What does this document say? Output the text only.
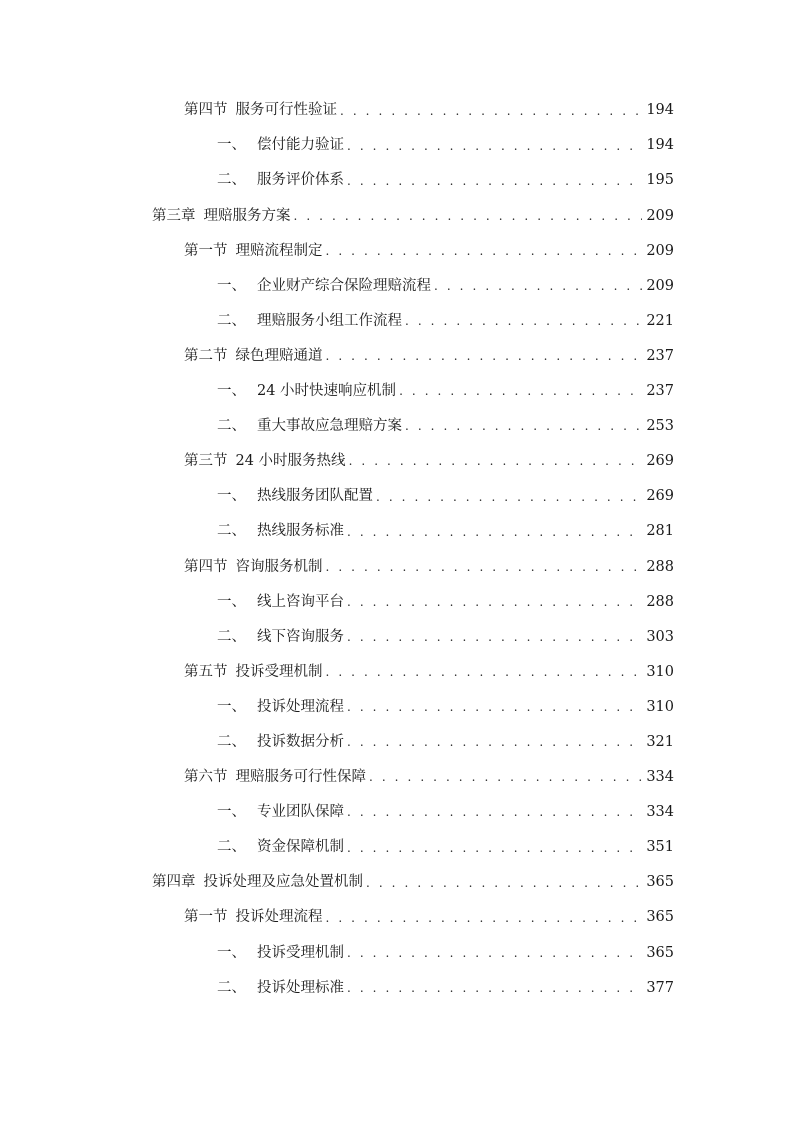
第四节 服务可行性验证 . . .	194
一、 偿付能力验证 . . .	194
二、 服务评价体系 . . .	195
第三章 理赔服务方案 . . .	209
第一节 理赔流程制定 . . .	209
一、 企业财产综合保险理赔流程 . . .	209
二、 理赔服务小组工作流程 . . .	221
第二节 绿色理赔通道 . . .	237
一、 24 小时快速响应机制 . . .	237
二、 重大事故应急理赔方案 . . .	253
第三节 24 小时服务热线 . . .	269
一、 热线服务团队配置 . . .	269
二、 热线服务标准 . . .	281
第四节 咨询服务机制 . . .	288
一、 线上咨询平台 . . .	288
二、 线下咨询服务 . . .	303
第五节 投诉受理机制 . . .	310
一、 投诉处理流程 . . .	310
二、 投诉数据分析 . . .	321
第六节 理赔服务可行性保障 . . .	334
一、 专业团队保障 . . .	334
二、 资金保障机制 . . .	351
第四章 投诉处理及应急处置机制 . . .	365
第一节 投诉处理流程 . . .	365
一、 投诉受理机制 . . .	365
二、 投诉处理标准 . . .	377
